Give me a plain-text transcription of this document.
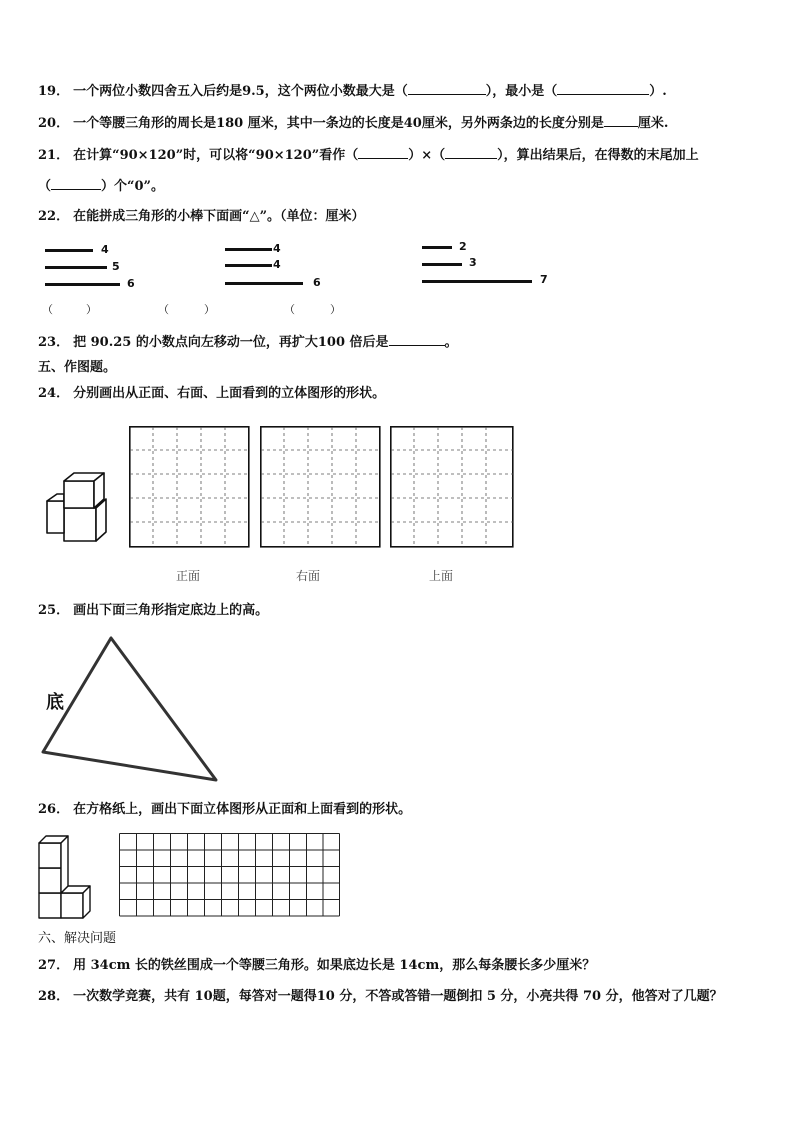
19． 一个两位小数四舍五入后约是9.5，这个两位小数最大是（	），最小是（	）.
20． 一个等腰三角形的周长是180 厘米，其中一条边的长度是40厘米，另外两条边的长度分别是	厘米.
21． 在计算“90×120”时，可以将“90×120”看作（	）×（	），算出结果后，在得数的末尾加上
（	）个“0”。
22． 在能拼成三角形的小棒下面画“△”。（单位：厘米）
4
5
6
4
4
6
2
3
7
（	）	（	）	（	）
23． 把 90.25 的小数点向左移动一位，再扩大100 倍后是	。
五、作图题。
24． 分别画出从正面、右面、上面看到的立体图形的形状。
正面	右面	上面
25． 画出下面三角形指定底边上的高。
底
26． 在方格纸上，画出下面立体图形从正面和上面看到的形状。
六、解决问题
27． 用 34cm 长的铁丝围成一个等腰三角形。如果底边长是 14cm，那么每条腰长多少厘米？
28． 一次数学竞赛，共有 10题，每答对一题得10 分，不答或答错一题倒扣 5 分，小亮共得 70 分，他答对了几题？
